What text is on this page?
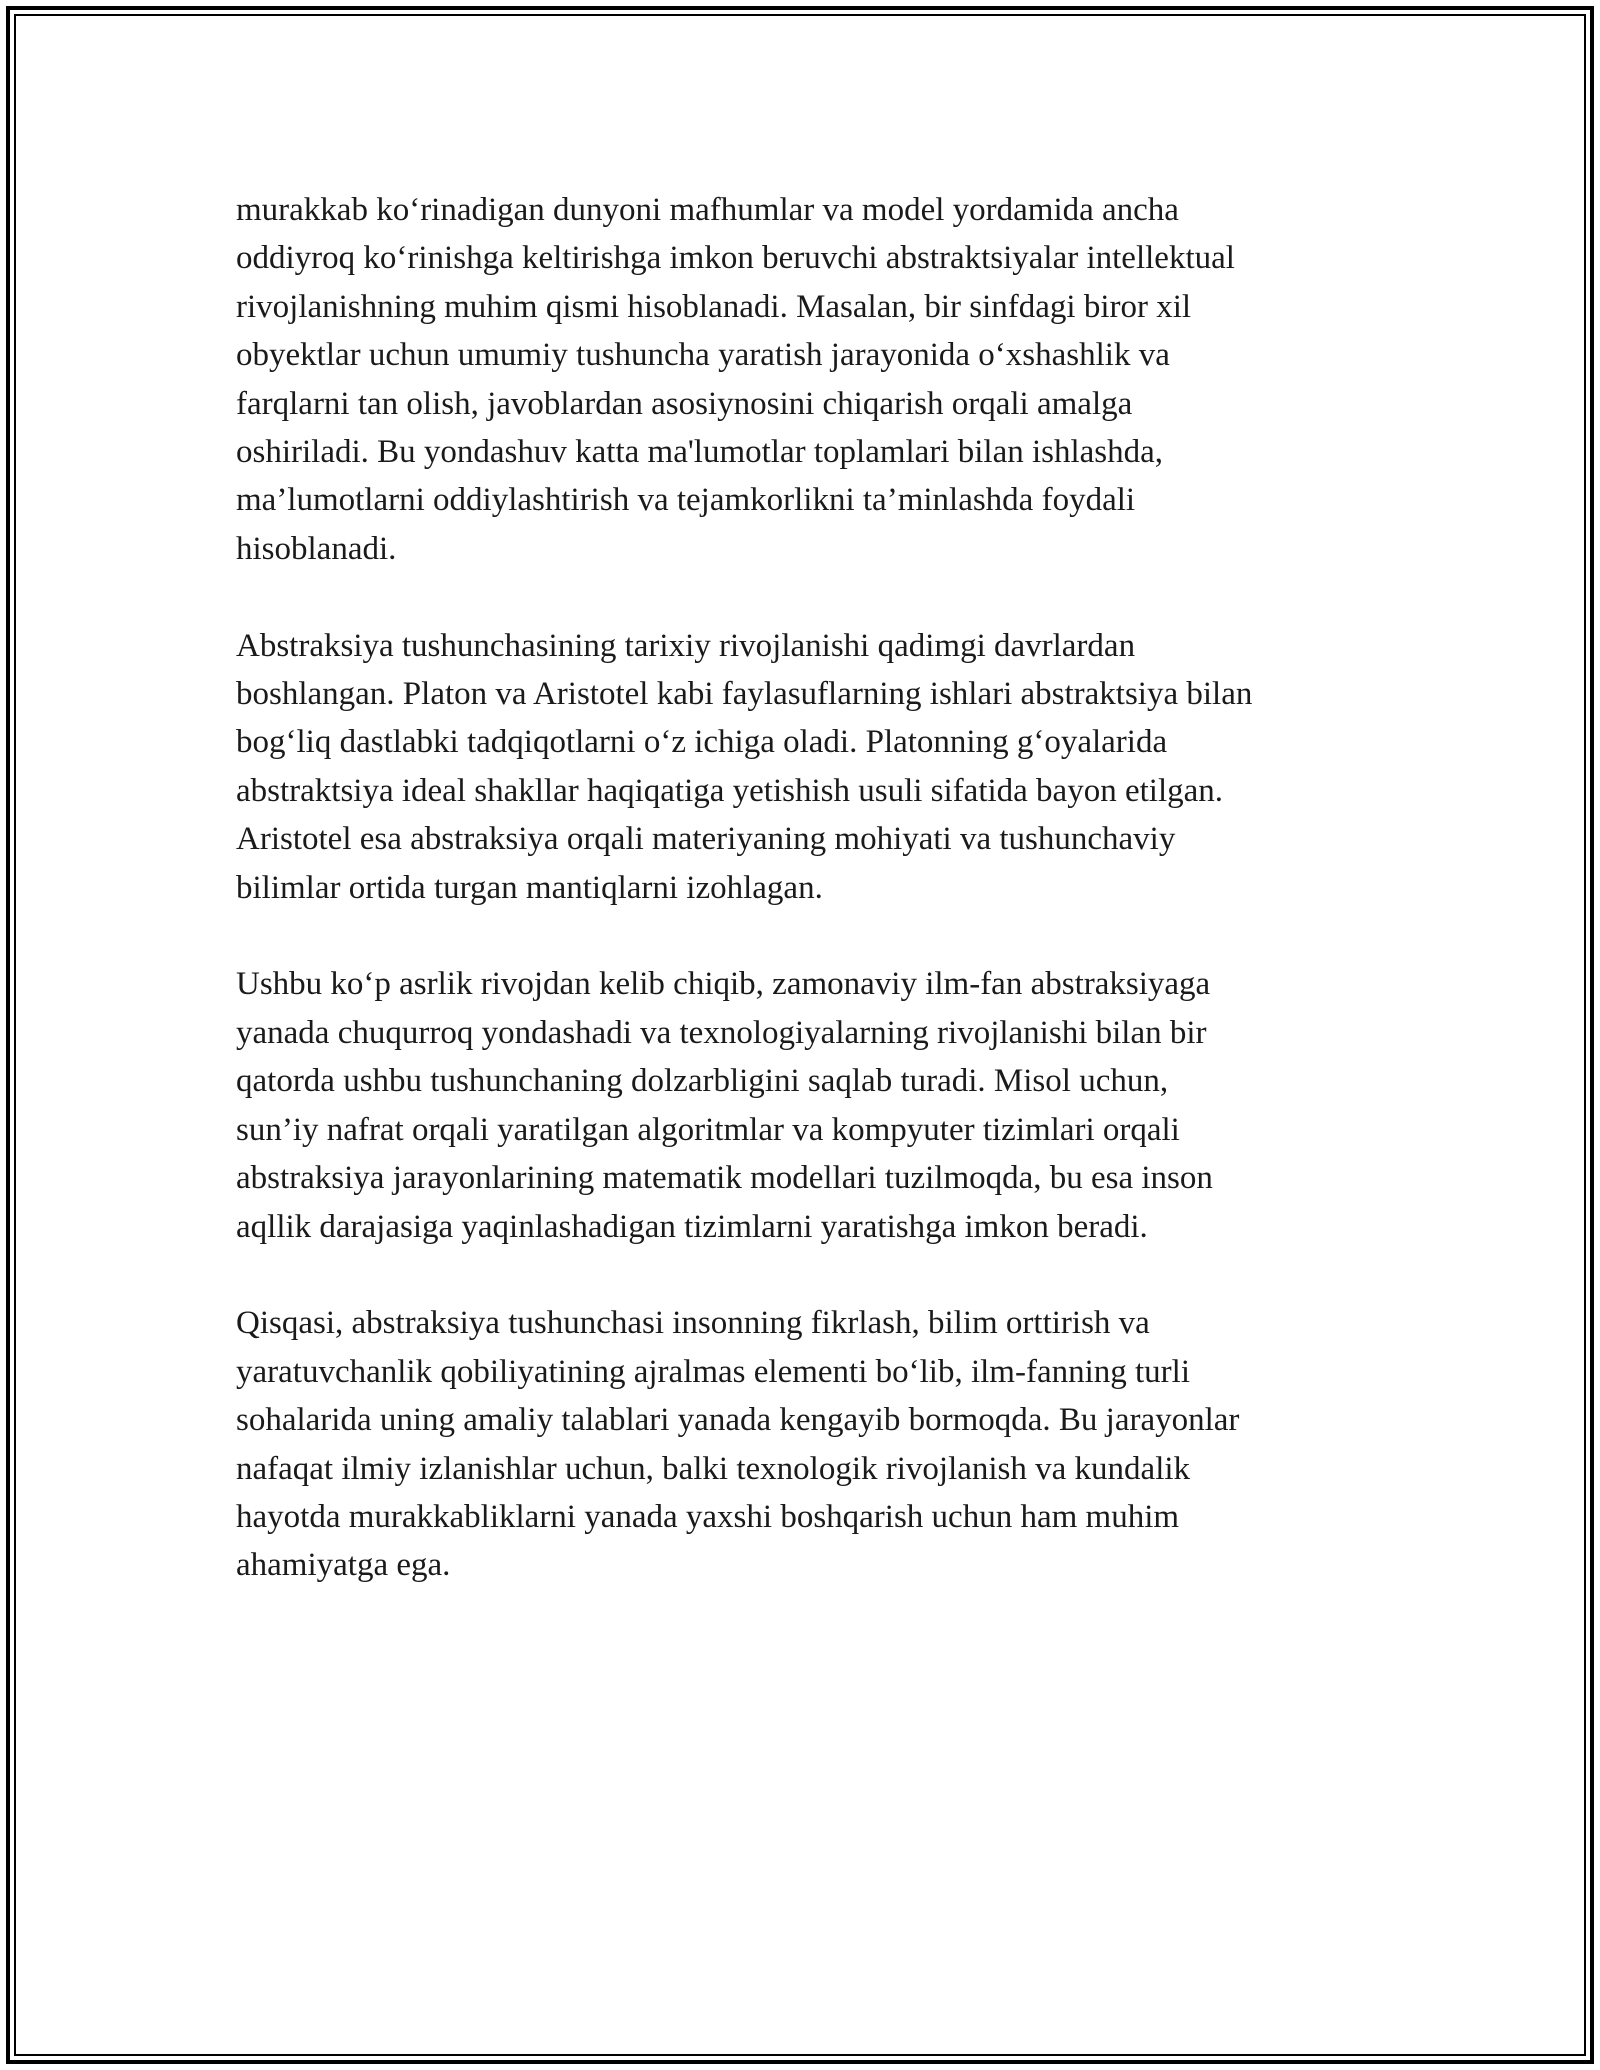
murakkab ko‘rinadigan dunyoni mafhumlar va model yordamida ancha
oddiyroq ko‘rinishga keltirishga imkon beruvchi abstraktsiyalar intellektual
rivojlanishning muhim qismi hisoblanadi. Masalan, bir sinfdagi biror xil
obyektlar uchun umumiy tushuncha yaratish jarayonida o‘xshashlik va
farqlarni tan olish, javoblardan asosiynosini chiqarish orqali amalga
oshiriladi. Bu yondashuv katta ma'lumotlar toplamlari bilan ishlashda,
ma’lumotlarni oddiylashtirish va tejamkorlikni ta’minlashda foydali
hisoblanadi.

Abstraksiya tushunchasining tarixiy rivojlanishi qadimgi davrlardan
boshlangan. Platon va Aristotel kabi faylasuflarning ishlari abstraktsiya bilan
bog‘liq dastlabki tadqiqotlarni o‘z ichiga oladi. Platonning g‘oyalarida
abstraktsiya ideal shakllar haqiqatiga yetishish usuli sifatida bayon etilgan.
Aristotel esa abstraksiya orqali materiyaning mohiyati va tushunchaviy
bilimlar ortida turgan mantiqlarni izohlagan.

Ushbu ko‘p asrlik rivojdan kelib chiqib, zamonaviy ilm-fan abstraksiyaga
yanada chuqurroq yondashadi va texnologiyalarning rivojlanishi bilan bir
qatorda ushbu tushunchaning dolzarbligini saqlab turadi. Misol uchun,
sun’iy nafrat orqali yaratilgan algoritmlar va kompyuter tizimlari orqali
abstraksiya jarayonlarining matematik modellari tuzilmoqda, bu esa inson
aqllik darajasiga yaqinlashadigan tizimlarni yaratishga imkon beradi.

Qisqasi, abstraksiya tushunchasi insonning fikrlash, bilim orttirish va
yaratuvchanlik qobiliyatining ajralmas elementi bo‘lib, ilm-fanning turli
sohalarida uning amaliy talablari yanada kengayib bormoqda. Bu jarayonlar
nafaqat ilmiy izlanishlar uchun, balki texnologik rivojlanish va kundalik
hayotda murakkabliklarni yanada yaxshi boshqarish uchun ham muhim
ahamiyatga ega.
